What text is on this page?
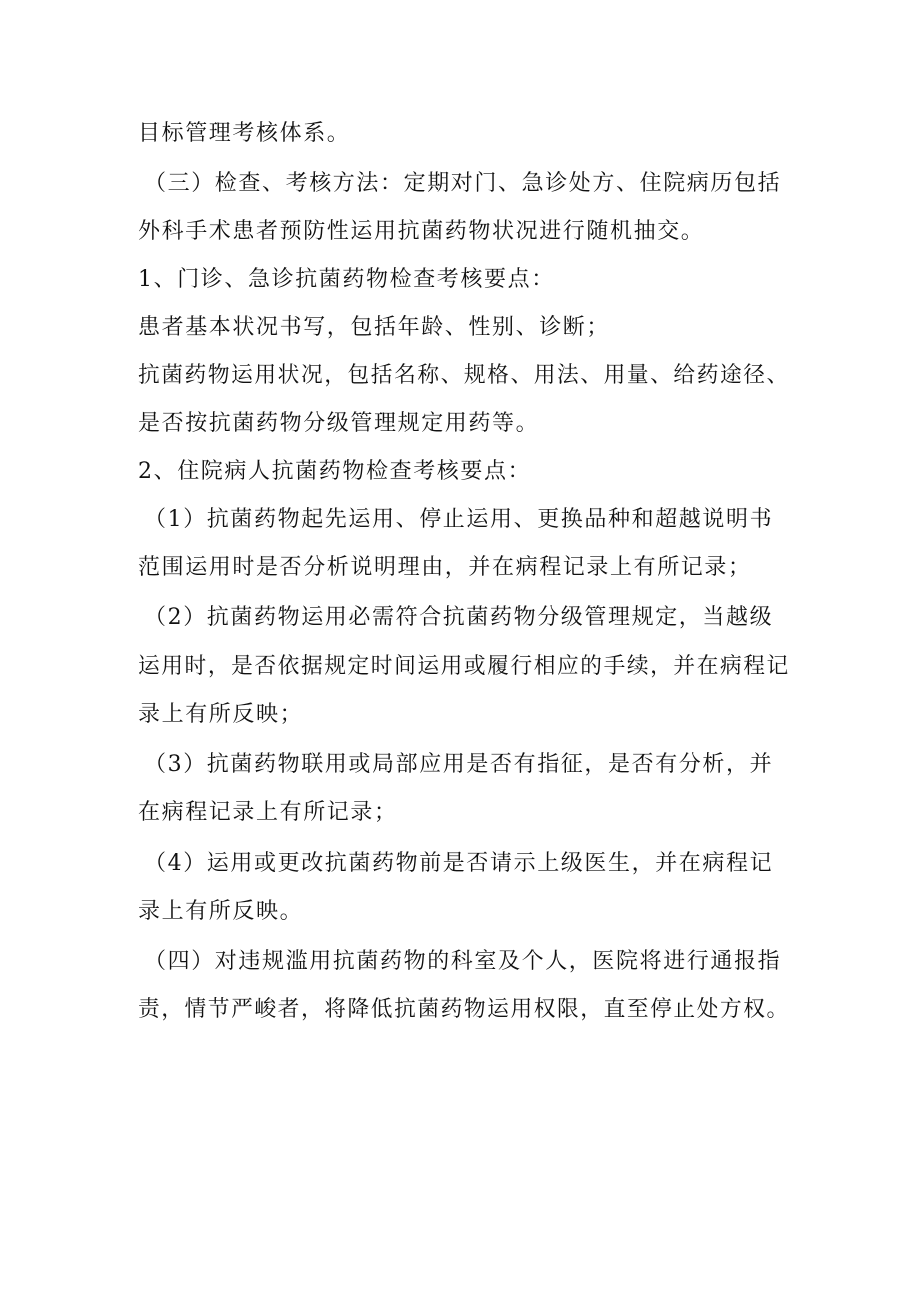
目标管理考核体系。
（三）检查、考核方法：定期对门、急诊处方、住院病历包括
外科手术患者预防性运用抗菌药物状况进行随机抽交。
1、门诊、急诊抗菌药物检查考核要点：
患者基本状况书写，包括年龄、性别、诊断；
抗菌药物运用状况，包括名称、规格、用法、用量、给药途径、
是否按抗菌药物分级管理规定用药等。
2、住院病人抗菌药物检查考核要点：
（1）抗菌药物起先运用、停止运用、更换品种和超越说明书
范围运用时是否分析说明理由，并在病程记录上有所记录；
（2）抗菌药物运用必需符合抗菌药物分级管理规定，当越级
运用时，是否依据规定时间运用或履行相应的手续，并在病程记
录上有所反映；
（3）抗菌药物联用或局部应用是否有指征，是否有分析，并
在病程记录上有所记录；
（4）运用或更改抗菌药物前是否请示上级医生，并在病程记
录上有所反映。
（四）对违规滥用抗菌药物的科室及个人，医院将进行通报指
责，情节严峻者，将降低抗菌药物运用权限，直至停止处方权。
